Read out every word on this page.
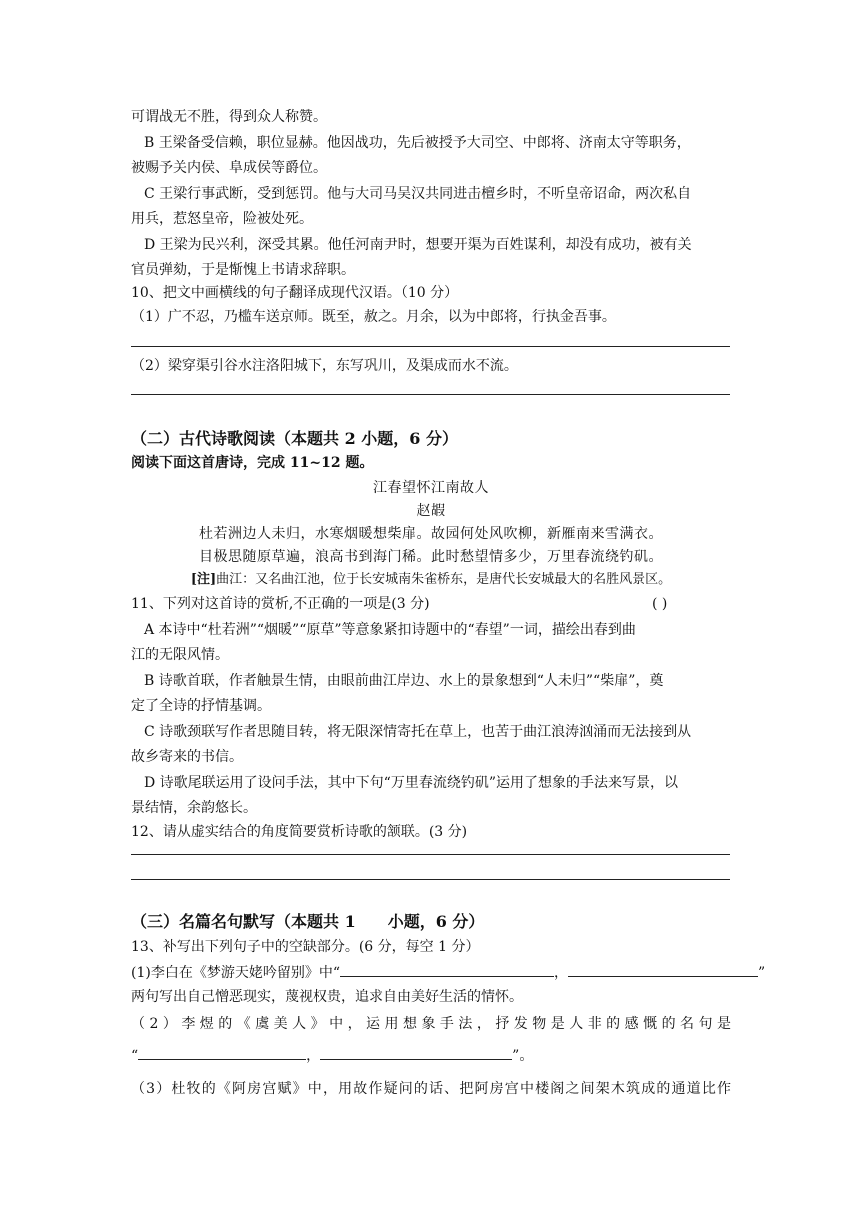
可谓战无不胜，得到众人称赞。
B 王梁备受信赖，职位显赫。他因战功，先后被授予大司空、中郎将、济南太守等职务，
被赐予关内侯、阜成侯等爵位。
C 王梁行事武断，受到惩罚。他与大司马吴汉共同进击檀乡时，不听皇帝诏命，两次私自
用兵，惹怒皇帝，险被处死。
D 王梁为民兴利，深受其累。他任河南尹时，想要开渠为百姓谋利，却没有成功，被有关
官员弹劾，于是惭愧上书请求辞职。
10、把文中画横线的句子翻译成现代汉语。（10 分）
（1）广不忍，乃槛车送京师。既至，赦之。月余，以为中郎将，行执金吾事。
（2）梁穿渠引谷水注洛阳城下，东写巩川，及渠成而水不流。
（二）古代诗歌阅读（本题共 2 小题，6 分）
阅读下面这首唐诗，完成 11~12 题。
江春望怀江南故人
赵嘏
杜若洲边人未归，水寒烟暖想柴扉。故园何处风吹柳，新雁南来雪满衣。
目极思随原草遍，浪高书到海门稀。此时愁望情多少，万里春流绕钓矶。
[注]曲江：又名曲江池，位于长安城南朱雀桥东，是唐代长安城最大的名胜风景区。
11、下列对这首诗的赏析,不正确的一项是(3 分)	( )
A 本诗中“杜若洲”“烟暖”“原草”等意象紧扣诗题中的“春望”一词，描绘出春到曲
江的无限风情。
B 诗歌首联，作者触景生情，由眼前曲江岸边、水上的景象想到“人未归”“柴扉”，奠
定了全诗的抒情基调。
C 诗歌颈联写作者思随目转，将无限深情寄托在草上，也苦于曲江浪涛汹涌而无法接到从
故乡寄来的书信。
D 诗歌尾联运用了设问手法，其中下句“万里春流绕钓矶”运用了想象的手法来写景，以
景结情，余韵悠长。
12、请从虚实结合的角度简要赏析诗歌的颔联。(3 分)
（三）名篇名句默写（本题共 1　　小题，6 分）
13、补写出下列句子中的空缺部分。(6 分，每空 1 分）
(1)李白在《梦游天姥吟留别》中“	，	”
两句写出自己憎恶现实，蔑视权贵，追求自由美好生活的情怀。
（2）李煜的《虞美人》中，运用想象手法，抒发物是人非的感慨的名句是
“	，	”。
（3）杜牧的《阿房宫赋》中，用故作疑问的话、把阿房宫中楼阁之间架木筑成的通道比作
